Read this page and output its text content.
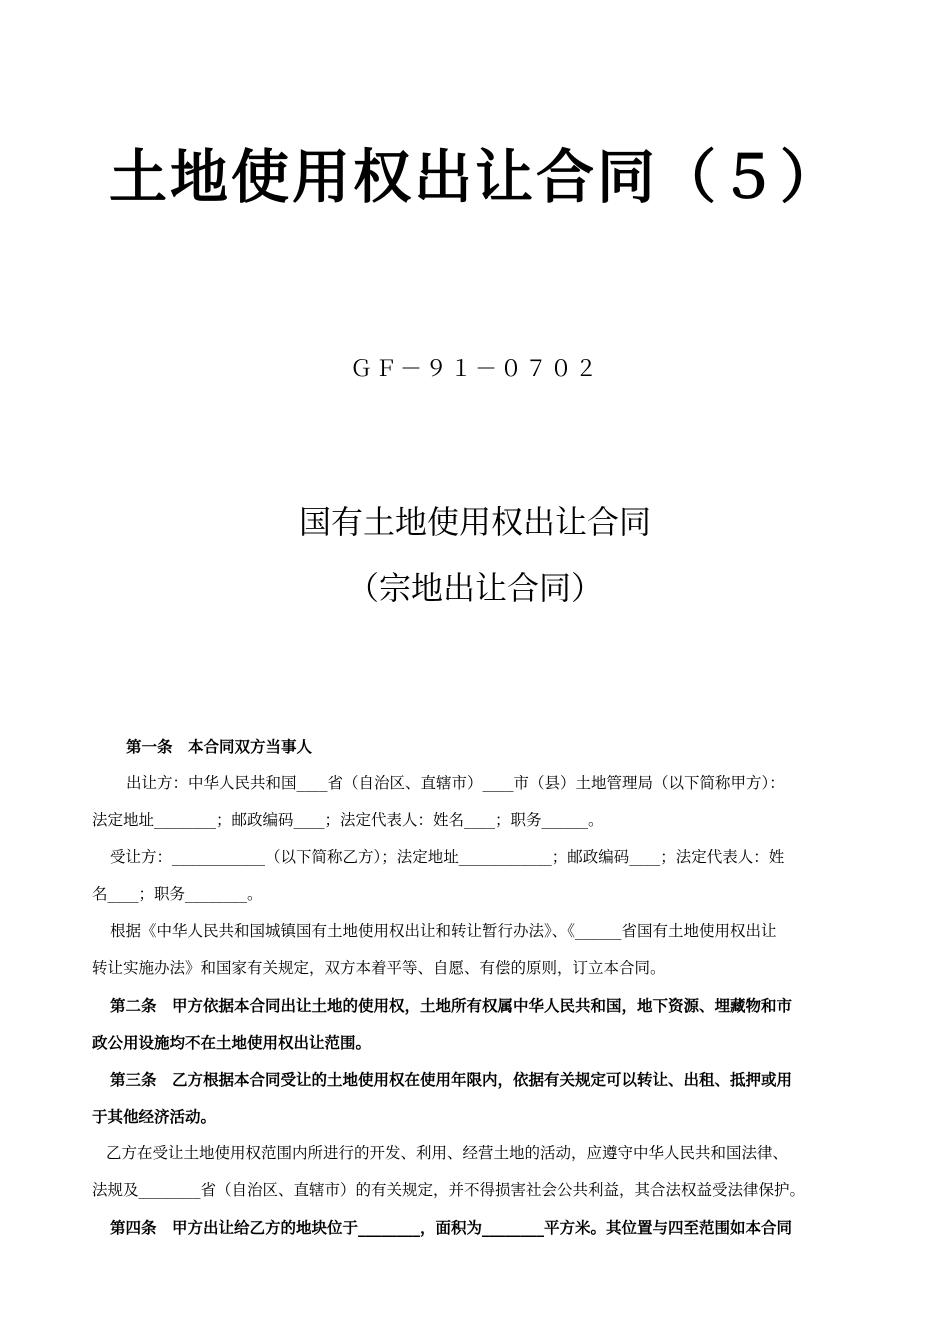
土地使用权出让合同（５）
ＧＦ－９１－０７０２
国有土地使用权出让合同
（宗地出让合同）
第一条　本合同双方当事人
出让方：中华人民共和国____省（自治区、直辖市）____市（县）土地管理局（以下简称甲方）：
法定地址________；邮政编码____；法定代表人：姓名____；职务______。
受让方：____________（以下简称乙方）；法定地址____________；邮政编码____；法定代表人：姓
名____；职务________。
根据《中华人民共和国城镇国有土地使用权出让和转让暂行办法》、《______省国有土地使用权出让
转让实施办法》和国家有关规定，双方本着平等、自愿、有偿的原则，订立本合同。
第二条　甲方依据本合同出让土地的使用权，土地所有权属中华人民共和国，地下资源、埋藏物和市
政公用设施均不在土地使用权出让范围。
第三条　乙方根据本合同受让的土地使用权在使用年限内，依据有关规定可以转让、出租、抵押或用
于其他经济活动。
乙方在受让土地使用权范围内所进行的开发、利用、经营土地的活动，应遵守中华人民共和国法律、
法规及________省（自治区、直辖市）的有关规定，并不得损害社会公共利益，其合法权益受法律保护。
第四条　甲方出让给乙方的地块位于________，面积为________平方米。其位置与四至范围如本合同
